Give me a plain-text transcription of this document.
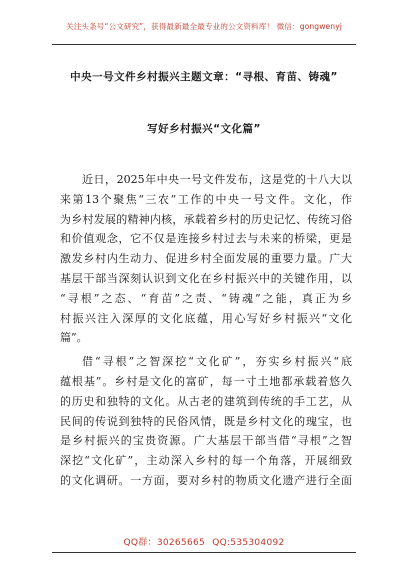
关注头条号“公文研究”，获得最新最全最专业的公文资料库！ 微信：gongwenyj
中央一号文件乡村振兴主题文章：“寻根、育苗、铸魂”
写好乡村振兴“文化篇”
近日，2025年中央一号文件发布，这是党的十八大以
来第13个聚焦“三农”工作的中央一号文件。文化，作
为乡村发展的精神内核，承载着乡村的历史记忆、传统习俗
和价值观念，它不仅是连接乡村过去与未来的桥梁，更是
激发乡村内生动力、促进乡村全面发展的重要力量。广大
基层干部当深刻认识到文化在乡村振兴中的关键作用，以
“寻根”之态、“育苗”之责、“铸魂”之能，真正为乡
村振兴注入深厚的文化底蕴，用心写好乡村振兴“文化
篇”。
借“寻根”之智深挖“文化矿”，夯实乡村振兴“底
蕴根基”。乡村是文化的富矿，每一寸土地都承载着悠久
的历史和独特的文化。从古老的建筑到传统的手工艺，从
民间的传说到独特的民俗风情，既是乡村文化的瑰宝，也
是乡村振兴的宝贵资源。广大基层干部当借“寻根”之智
深挖“文化矿”，主动深入乡村的每一个角落，开展细致
的文化调研。一方面，要对乡村的物质文化遗产进行全面
QQ群：30265665 QQ:535304092
